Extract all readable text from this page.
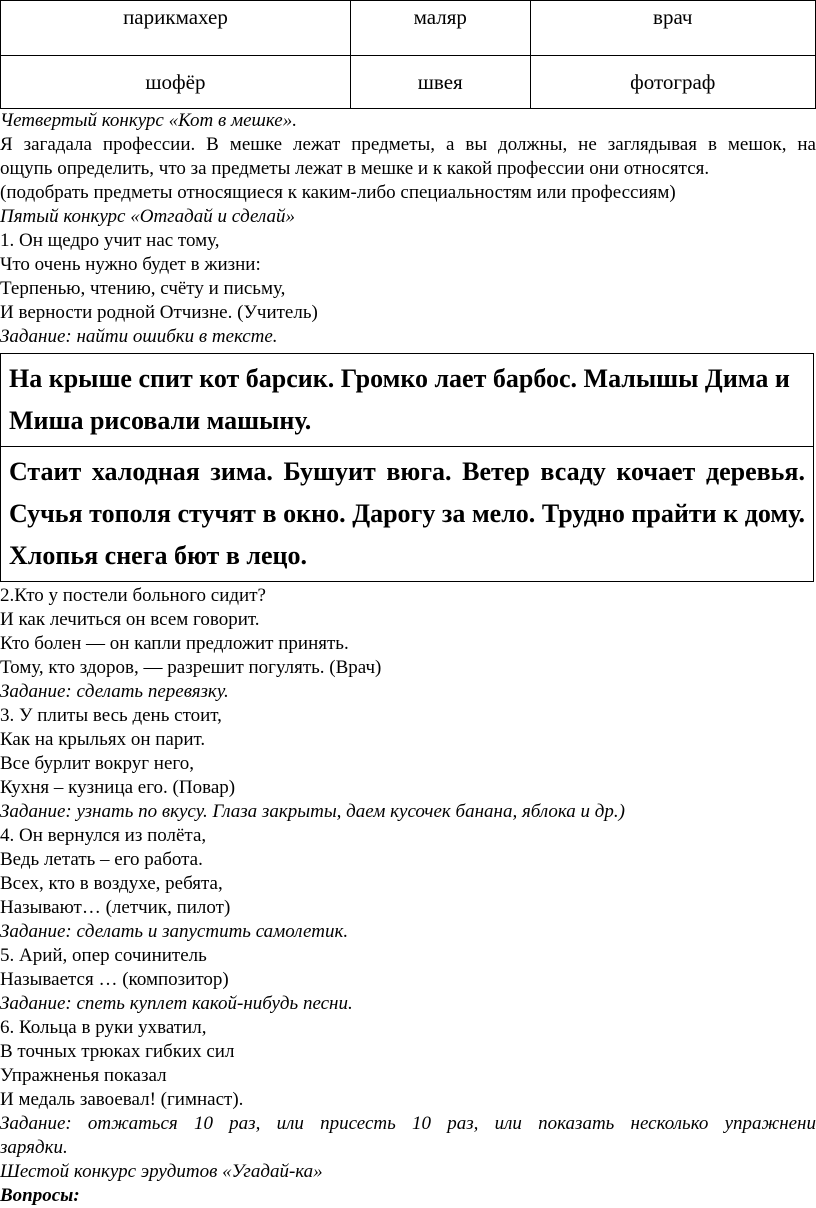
парикмахер	маляр	врач
шофёр	швея	фотограф
Четвертый конкурс «Кот в мешке».
Я загадала профессии. В мешке лежат предметы, а вы должны, не заглядывая в мешок, на
ощупь определить, что за предметы лежат в мешке и к какой профессии они относятся.
(подобрать предметы относящиеся к каким-либо специальностям или профессиям)
Пятый конкурс «Отгадай и сделай»
1. Он щедро учит нас тому,
Что очень нужно будет в жизни:
Терпенью, чтению, счёту и письму,
И верности родной Отчизне. (Учитель)
Задание: найти ошибки в тексте.
На крыше спит кот барсик. Громко лает барбос. Малышы Дима и Миша рисовали машыну.
Стаит халодная зима. Бушуит вюга. Ветер всаду кочает деревья. Сучья тополя стучят в окно. Дарогу за мело. Трудно прайти к дому. Хлопья снега бют в лецо.
2.Кто у постели больного сидит?
И как лечиться он всем говорит.
Кто болен — он капли предложит принять.
Тому, кто здоров, — разрешит погулять. (Врач)
Задание: сделать перевязку.
3. У плиты весь день стоит,
Как на крыльях он парит.
Все бурлит вокруг него,
Кухня – кузница его. (Повар)
Задание: узнать по вкусу. Глаза закрыты, даем кусочек банана, яблока и др.)
4. Он вернулся из полёта,
Ведь летать – его работа.
Всех, кто в воздухе, ребята,
Называют… (летчик, пилот)
Задание: сделать и запустить самолетик.
5. Арий, опер сочинитель
Называется … (композитор)
Задание: спеть куплет какой-нибудь песни.
6. Кольца в руки ухватил,
В точных трюках гибких сил
Упражненья показал
И медаль завоевал! (гимнаст).
Задание: отжаться 10 раз, или присесть 10 раз, или показать несколько упражнени
зарядки.
Шестой конкурс эрудитов «Угадай-ка»
Вопросы:
